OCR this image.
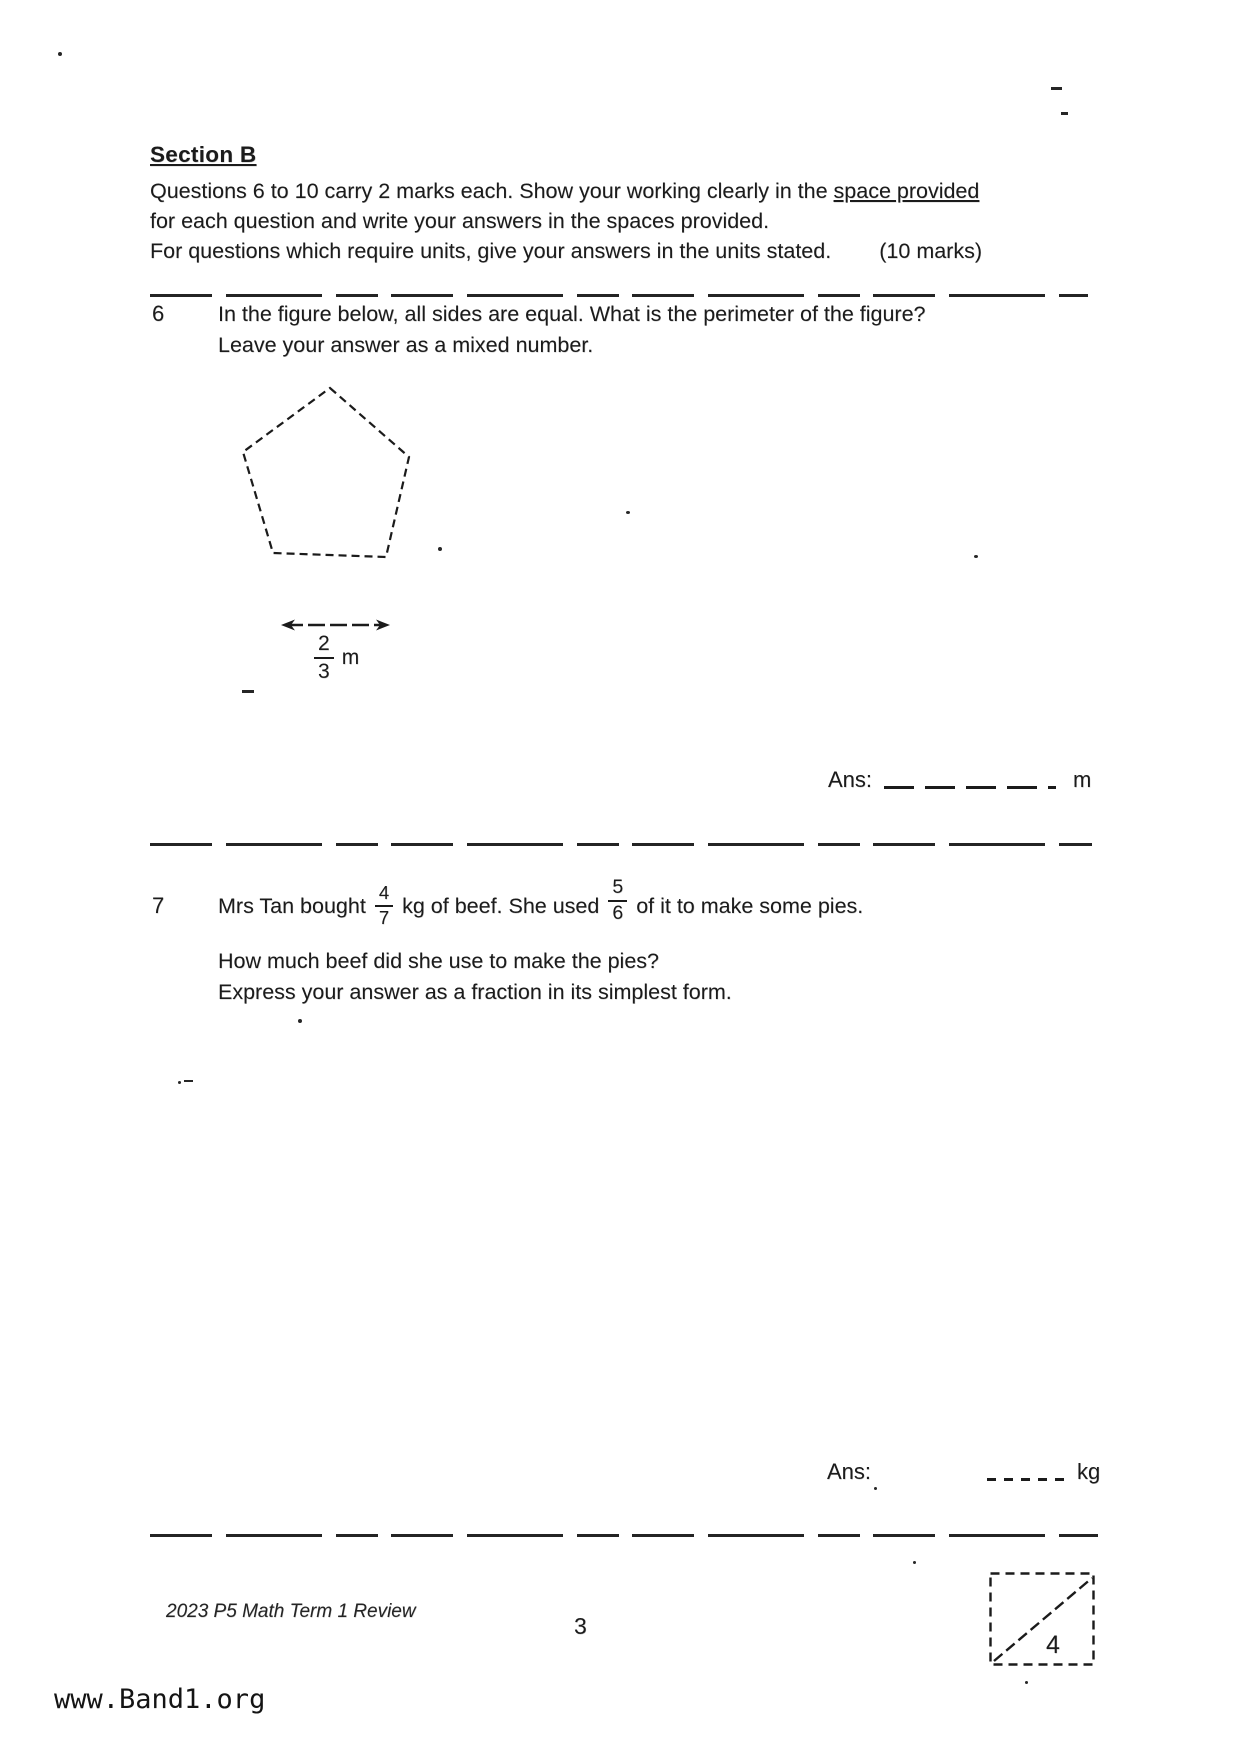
Section B

Questions 6 to 10 carry 2 marks each. Show your working clearly in the space provided

for each question and write your answers in the spaces provided.

For questions which require units, give your answers in the units stated. (10 marks)

6	In the figure below, all sides are equal. What is the perimeter of the figure?

Leave your answer as a mixed number.

$\frac{2}{3}$ m
Ans:	m
7	Mrs Tan bought $\frac{4}{7}$ kg of beef. She used $\frac{5}{6}$ of it to make some pies.

How much beef did she use to make the pies?

Express your answer as a fraction in its simplest form.

Ans:	kg
2023 P5 Math Term 1 Review
3
4
www.Band1.org
